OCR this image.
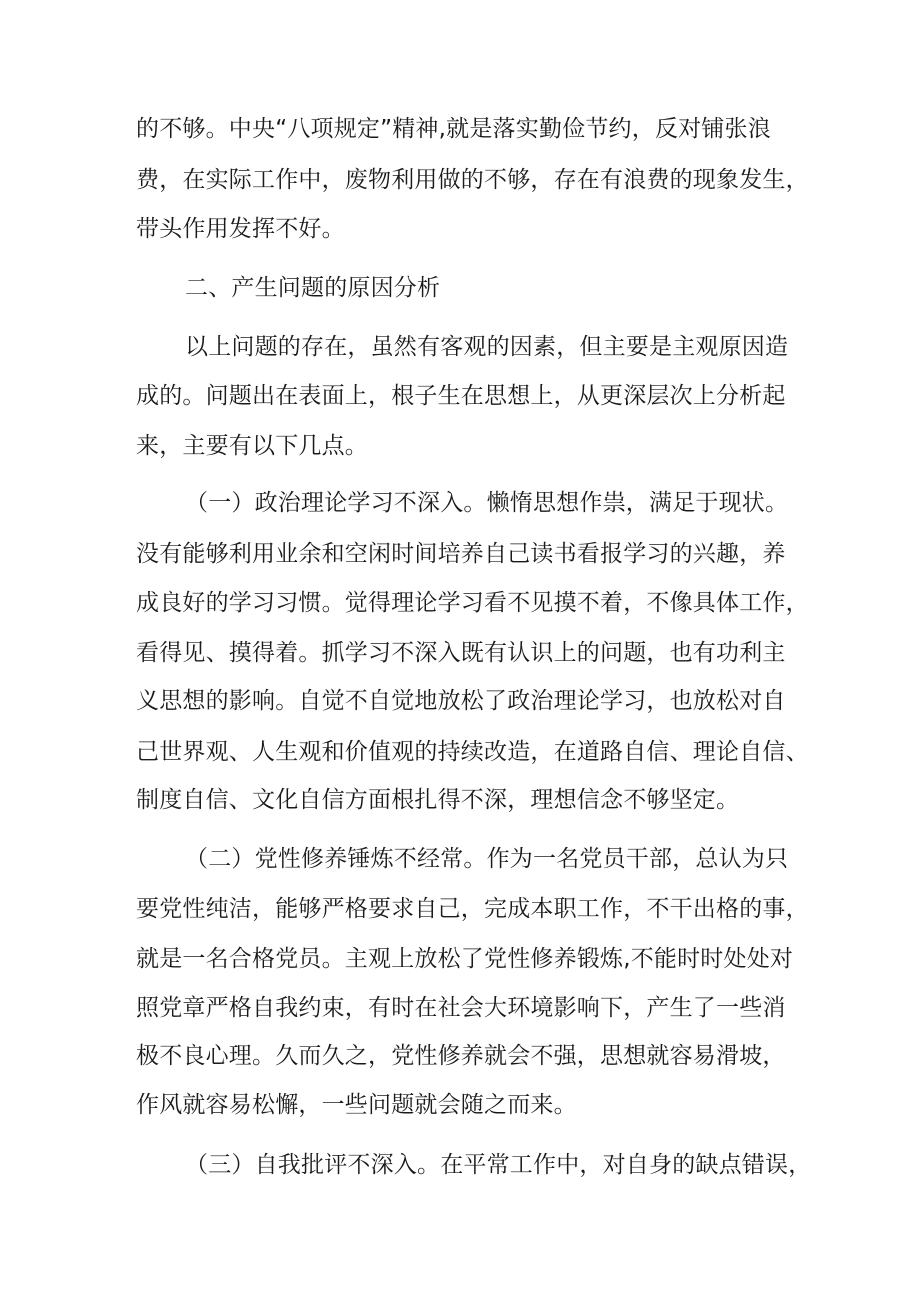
的不够。中央“八项规定”精神,就是落实勤俭节约，反对铺张浪
费，在实际工作中，废物利用做的不够，存在有浪费的现象发生，
带头作用发挥不好。
二、产生问题的原因分析
以上问题的存在，虽然有客观的因素，但主要是主观原因造
成的。问题出在表面上，根子生在思想上，从更深层次上分析起
来，主要有以下几点。
（一）政治理论学习不深入。懒惰思想作祟，满足于现状。
没有能够利用业余和空闲时间培养自己读书看报学习的兴趣，养
成良好的学习习惯。觉得理论学习看不见摸不着，不像具体工作，
看得见、摸得着。抓学习不深入既有认识上的问题，也有功利主
义思想的影响。自觉不自觉地放松了政治理论学习，也放松对自
己世界观、人生观和价值观的持续改造，在道路自信、理论自信、
制度自信、文化自信方面根扎得不深，理想信念不够坚定。
（二）党性修养锤炼不经常。作为一名党员干部，总认为只
要党性纯洁，能够严格要求自己，完成本职工作，不干出格的事，
就是一名合格党员。主观上放松了党性修养锻炼,不能时时处处对
照党章严格自我约束，有时在社会大环境影响下，产生了一些消
极不良心理。久而久之，党性修养就会不强，思想就容易滑坡，
作风就容易松懈，一些问题就会随之而来。
（三）自我批评不深入。在平常工作中，对自身的缺点错误，
